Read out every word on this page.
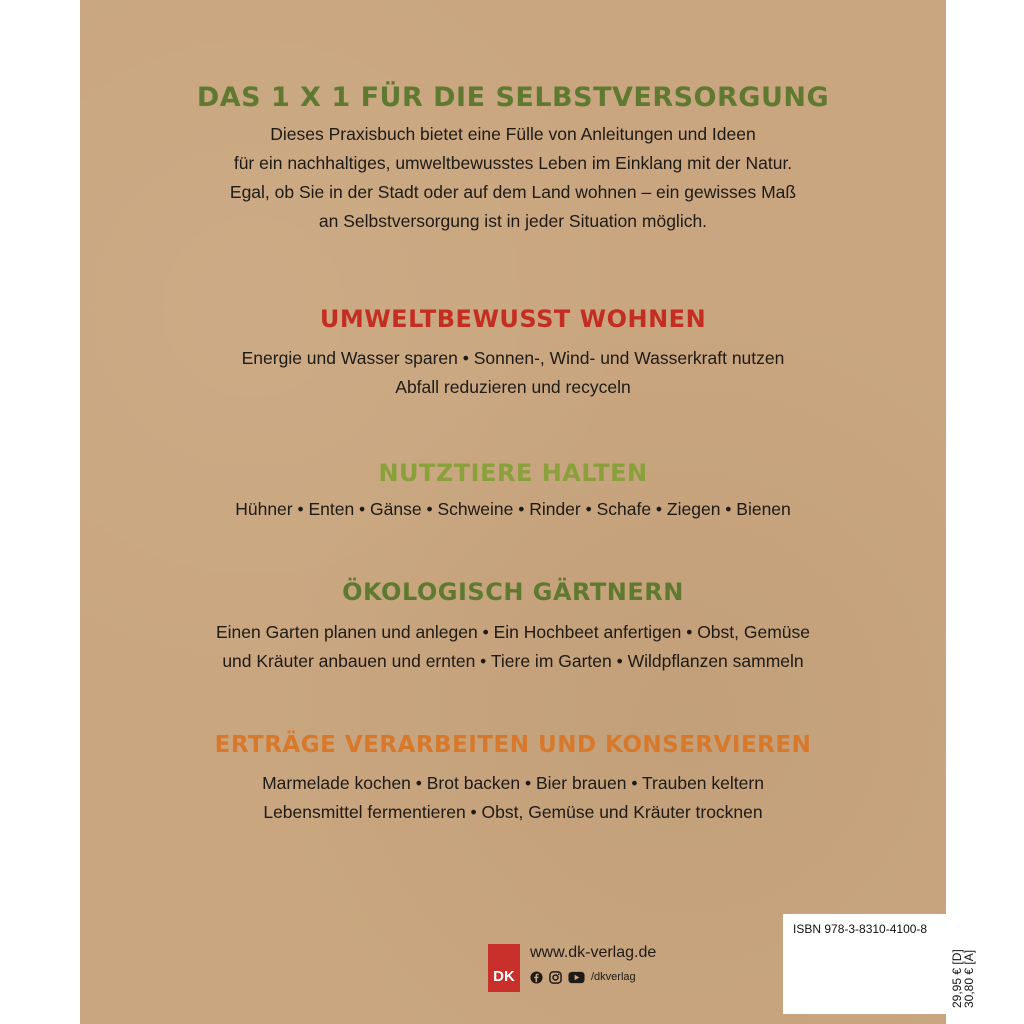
DAS 1 X 1 FÜR DIE SELBSTVERSORGUNG
Dieses Praxisbuch bietet eine Fülle von Anleitungen und Ideen
für ein nachhaltiges, umweltbewusstes Leben im Einklang mit der Natur.
Egal, ob Sie in der Stadt oder auf dem Land wohnen – ein gewisses Maß
an Selbstversorgung ist in jeder Situation möglich.
UMWELTBEWUSST WOHNEN
Energie und Wasser sparen • Sonnen-, Wind- und Wasserkraft nutzen
Abfall reduzieren und recyceln
NUTZTIERE HALTEN
Hühner • Enten • Gänse • Schweine • Rinder • Schafe • Ziegen • Bienen
ÖKOLOGISCH GÄRTNERN
Einen Garten planen und anlegen • Ein Hochbeet anfertigen • Obst, Gemüse
und Kräuter anbauen und ernten • Tiere im Garten • Wildpflanzen sammeln
ERTRÄGE VERARBEITEN UND KONSERVIEREN
Marmelade kochen • Brot backen • Bier brauen • Trauben keltern
Lebensmittel fermentieren • Obst, Gemüse und Kräuter trocknen
DK
www.dk-verlag.de
/dkverlag
ISBN 978-3-8310-4100-8
29,95 € [D]
30,80 € [A]
